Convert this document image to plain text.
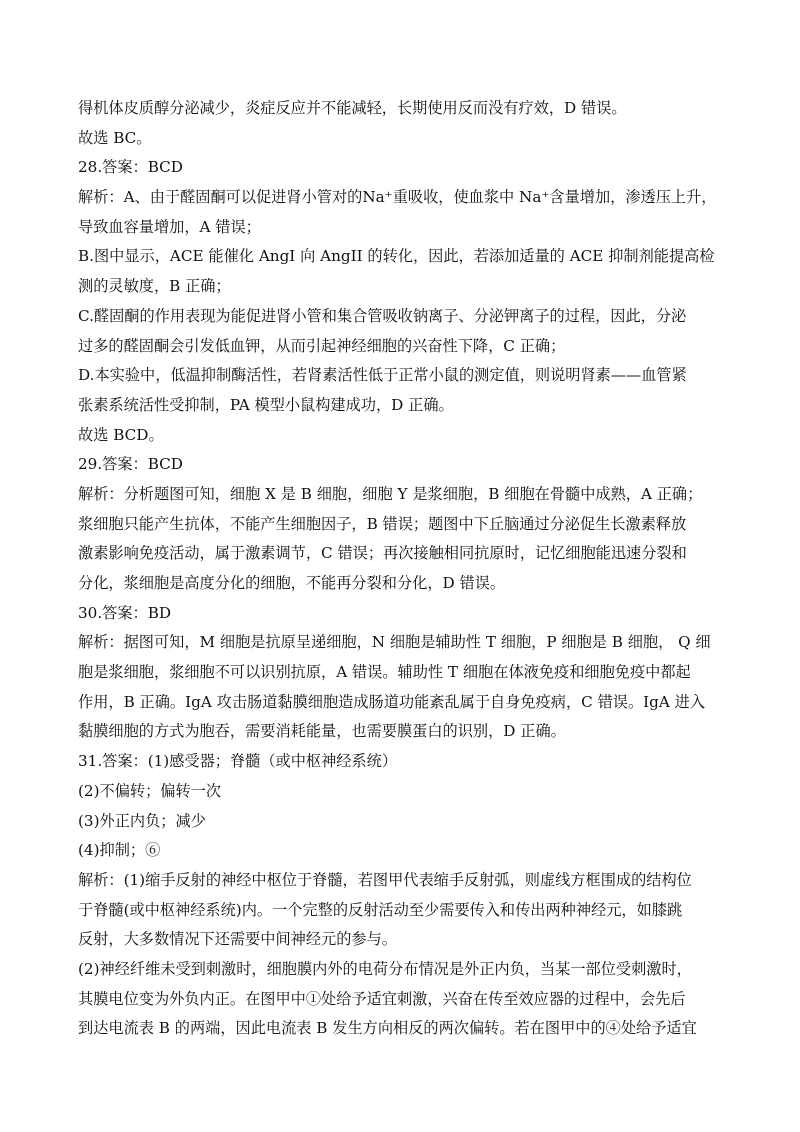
得机体皮质醇分泌减少，炎症反应并不能减轻，长期使用反而没有疗效，D 错误。
故选 BC。
28.答案：BCD
解析：A、由于醛固酮可以促进肾小管对的Na⁺重吸收，使血浆中 Na⁺含量增加，渗透压上升，
导致血容量增加，A 错误；
B.图中显示，ACE 能催化 AngI 向 AngII 的转化，因此，若添加适量的 ACE 抑制剂能提高检
测的灵敏度，B 正确；
C.醛固酮的作用表现为能促进肾小管和集合管吸收钠离子、分泌钾离子的过程，因此，分泌
过多的醛固酮会引发低血钾，从而引起神经细胞的兴奋性下降，C 正确；
D.本实验中，低温抑制酶活性，若肾素活性低于正常小鼠的测定值，则说明肾素——血管紧
张素系统活性受抑制，PA 模型小鼠构建成功，D 正确。
故选 BCD。
29.答案：BCD
解析：分析题图可知，细胞 X 是 B 细胞，细胞 Y 是浆细胞，B 细胞在骨髓中成熟，A 正确；
浆细胞只能产生抗体，不能产生细胞因子，B 错误；题图中下丘脑通过分泌促生长激素释放
激素影响免疫活动，属于激素调节，C 错误；再次接触相同抗原时，记忆细胞能迅速分裂和
分化，浆细胞是高度分化的细胞，不能再分裂和分化，D 错误。
30.答案：BD
解析：据图可知，M 细胞是抗原呈递细胞，N 细胞是辅助性 T 细胞，P 细胞是 B 细胞， Q 细
胞是浆细胞，浆细胞不可以识别抗原，A 错误。辅助性 T 细胞在体液免疫和细胞免疫中都起
作用，B 正确。IgA 攻击肠道黏膜细胞造成肠道功能紊乱属于自身免疫病，C 错误。IgA 进入
黏膜细胞的方式为胞吞，需要消耗能量，也需要膜蛋白的识别，D 正确。
31.答案：(1)感受器；脊髓（或中枢神经系统）
(2)不偏转；偏转一次
(3)外正内负；减少
(4)抑制；⑥
解析：(1)缩手反射的神经中枢位于脊髓，若图甲代表缩手反射弧，则虚线方框围成的结构位
于脊髓(或中枢神经系统)内。一个完整的反射活动至少需要传入和传出两种神经元，如膝跳
反射，大多数情况下还需要中间神经元的参与。
(2)神经纤维未受到刺激时，细胞膜内外的电荷分布情况是外正内负，当某一部位受刺激时，
其膜电位变为外负内正。在图甲中①处给予适宜刺激，兴奋在传至效应器的过程中，会先后
到达电流表 B 的两端，因此电流表 B 发生方向相反的两次偏转。若在图甲中的④处给予适宜
